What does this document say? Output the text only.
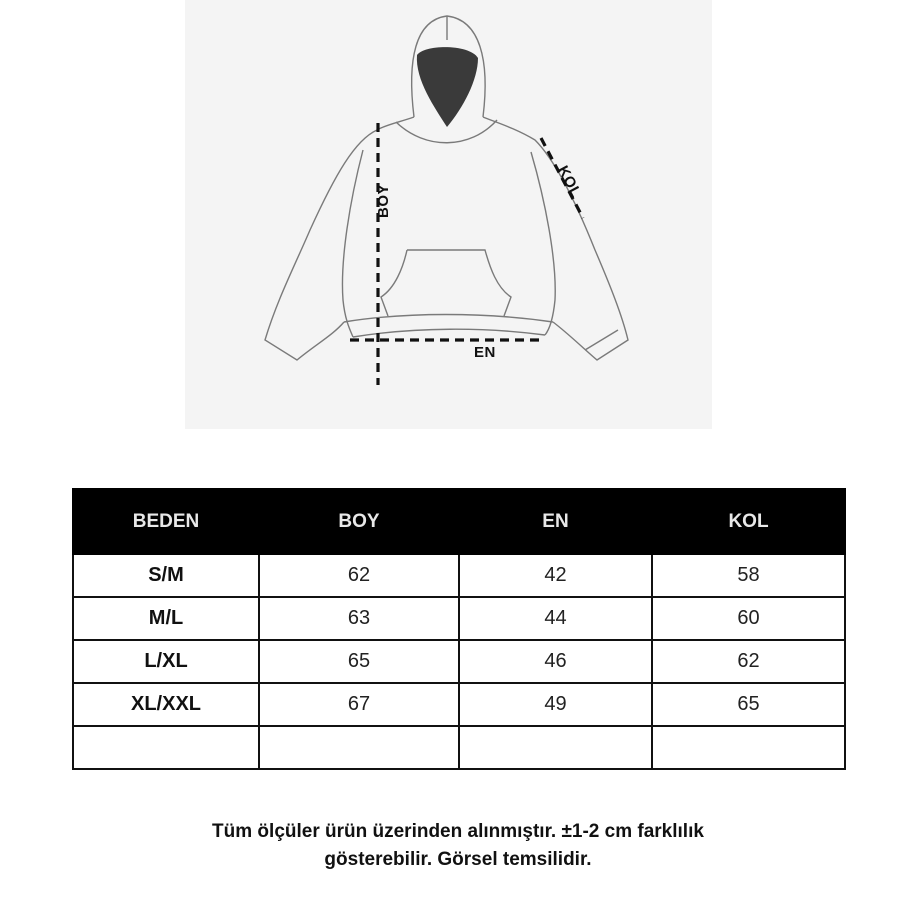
BOY
EN
KOL
BEDEN	BOY	EN	KOL
S/M	62	42	58
M/L	63	44	60
L/XL	65	46	62
XL/XXL	67	49	65

Tüm ölçüler ürün üzerinden alınmıştır. ±1-2 cm farklılık
gösterebilir. Görsel temsilidir.
